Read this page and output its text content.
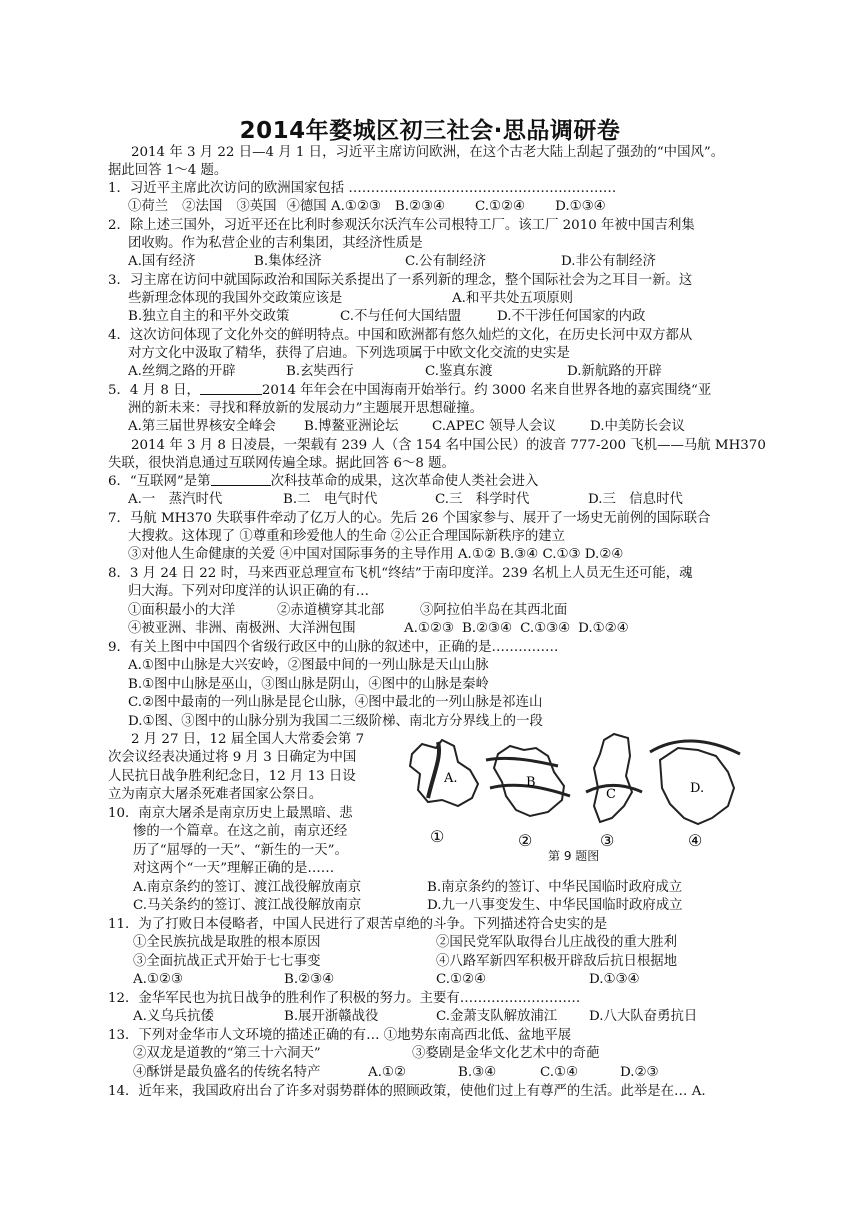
2014年婺城区初三社会·思品调研卷
2014 年 3 月 22 日—4 月 1 日，习近平主席访问欧洲，在这个古老大陆上刮起了强劲的“中国风”。
据此回答 1～4 题。
1．习近平主席此次访问的欧洲国家包括 ……………………………………………………
①荷兰 ②法国 ③英国 ④德国 A.①②③ B.②③④ C.①②④ D.①③④
2．除上述三国外，习近平还在比利时参观沃尔沃汽车公司根特工厂。该工厂 2010 年被中国吉利集
团收购。作为私营企业的吉利集团，其经济性质是
A.国有经济	B.集体经济	C.公有制经济	D.非公有制经济
3．习主席在访问中就国际政治和国际关系提出了一系列新的理念，整个国际社会为之耳目一新。这
些新理念体现的我国外交政策应该是	A.和平共处五项原则
B.独立自主的和平外交政策	C.不与任何大国结盟	D.不干涉任何国家的内政
4．这次访问体现了文化外交的鲜明特点。中国和欧洲都有悠久灿烂的文化，在历史长河中双方都从
对方文化中汲取了精华，获得了启迪。下列选项属于中欧文化交流的史实是
A.丝绸之路的开辟	B.玄奘西行	C.鉴真东渡	D.新航路的开辟
5．4 月 8 日，	2014 年年会在中国海南开始举行。约 3000 名来自世界各地的嘉宾围绕“亚
洲的新未来：寻找和释放新的发展动力”主题展开思想碰撞。
A.第三届世界核安全峰会 B.博鳌亚洲论坛	C.APEC 领导人会议	D.中美防长会议
2014 年 3 月 8 日凌晨，一架载有 239 人（含 154 名中国公民）的波音 777-200 飞机——马航 MH370
失联，很快消息通过互联网传遍全球。据此回答 6～8 题。
6．“互联网”是第	次科技革命的成果，这次革命使人类社会进入
A.一　蒸汽时代	B.二　电气时代	C.三　科学时代	D.三　信息时代
7．马航 MH370 失联事件牵动了亿万人的心。先后 26 个国家参与、展开了一场史无前例的国际联合
大搜救。这体现了 ①尊重和珍爱他人的生命 ②公正合理国际新秩序的建立
③对他人生命健康的关爱 ④中国对国际事务的主导作用 A.①② B.③④ C.①③ D.②④
8．3 月 24 日 22 时，马来西亚总理宣布飞机“终结”于南印度洋。239 名机上人员无生还可能，魂
归大海。下列对印度洋的认识正确的有…
①面积最小的大洋	②赤道横穿其北部	③阿拉伯半岛在其西北面
④被亚洲、非洲、南极洲、大洋洲包围	A.①②③ B.②③④ C.①③④ D.①②④
9．有关上图中中国四个省级行政区中的山脉的叙述中，正确的是……………
A.①图中山脉是大兴安岭，②图最中间的一列山脉是天山山脉
B.①图中山脉是巫山，③图山脉是阴山，④图中的山脉是秦岭
C.②图中最南的一列山脉是昆仑山脉，④图中最北的一列山脉是祁连山
D.①图、③图中的山脉分别为我国二三级阶梯、南北方分界线上的一段
2 月 27 日，12 届全国人大常委会第 7
次会议经表决通过将 9 月 3 日确定为中国
人民抗日战争胜利纪念日，12 月 13 日设
立为南京大屠杀死难者国家公祭日。
A.
①
B
②
C
③
D.
④
第 9 题图
10．南京大屠杀是南京历史上最黑暗、悲
惨的一个篇章。在这之前，南京还经
历了“屈辱的一天”、“新生的一天”。
对这两个“一天”理解正确的是……
A.南京条约的签订、渡江战役解放南京	B.南京条约的签订、中华民国临时政府成立
C.马关条约的签订、渡江战役解放南京	D.九一八事变发生、中华民国临时政府成立
11．为了打败日本侵略者，中国人民进行了艰苦卓绝的斗争。下列描述符合史实的是
①全民族抗战是取胜的根本原因	②国民党军队取得台儿庄战役的重大胜利
③全面抗战正式开始于七七事变	④八路军新四军积极开辟敌后抗日根据地
A.①②③	B.②③④	C.①②④	D.①③④
12．金华军民也为抗日战争的胜利作了积极的努力。主要有………………………
A.义乌兵抗倭	B.展开浙赣战役	C.金萧支队解放浦江 D.八大队奋勇抗日
13．下列对金华市人文环境的描述正确的有… ①地势东南高西北低、盆地平展
②双龙是道教的“第三十六洞天”	③婺剧是金华文化艺术中的奇葩
④酥饼是最负盛名的传统名特产	A.①②	B.③④	C.①④	D.②③
14．近年来，我国政府出台了许多对弱势群体的照顾政策，使他们过上有尊严的生活。此举是在… A.
